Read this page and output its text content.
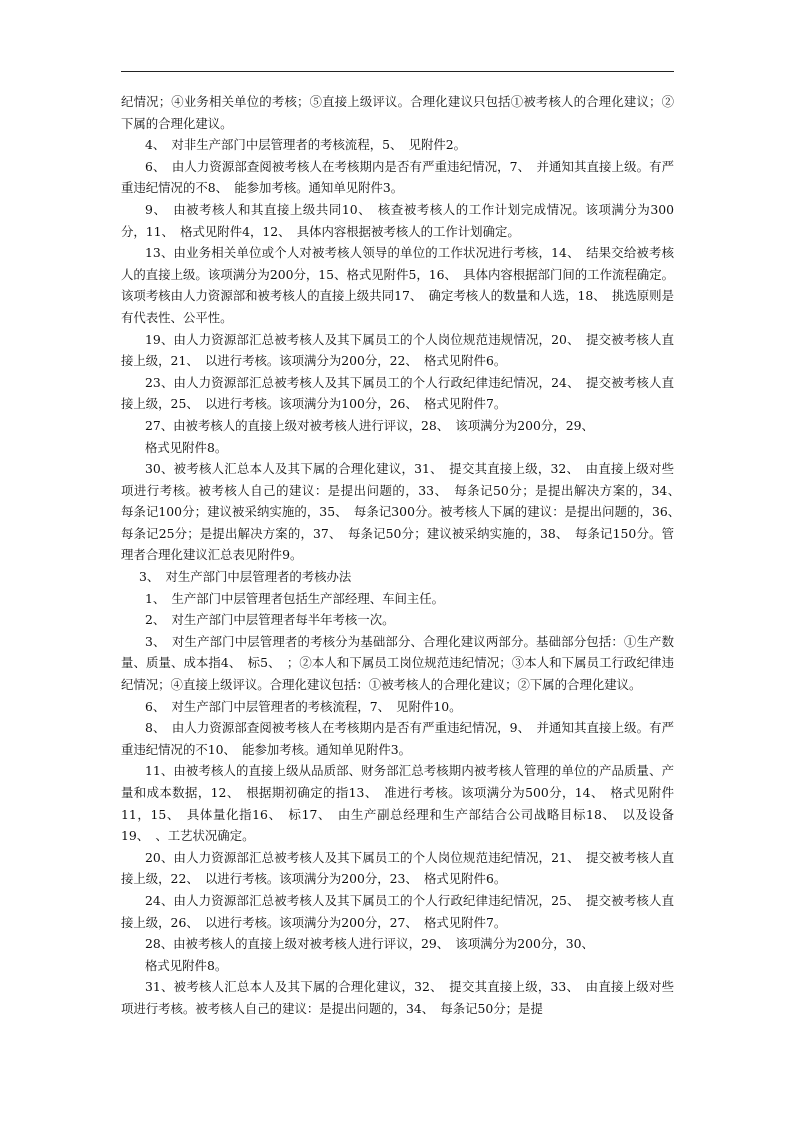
纪情况；④业务相关单位的考核；⑤直接上级评议。合理化建议只包括①被考核人的合理化建议；②下属的合理化建议。

4、　对非生产部门中层管理者的考核流程，5、　见附件2。

6、　由人力资源部查阅被考核人在考核期内是否有严重违纪情况，7、　并通知其直接上级。有严重违纪情况的不8、　能参加考核。通知单见附件3。

9、　由被考核人和其直接上级共同10、　核查被考核人的工作计划完成情况。该项满分为300分，11、　格式见附件4，12、　具体内容根据被考核人的工作计划确定。

13、由业务相关单位或个人对被考核人领导的单位的工作状况进行考核，14、　结果交给被考核人的直接上级。该项满分为200分，15、格式见附件5，16、　具体内容根据部门间的工作流程确定。该项考核由人力资源部和被考核人的直接上级共同17、　确定考核人的数量和人选，18、　挑选原则是有代表性、公平性。

19、由人力资源部汇总被考核人及其下属员工的个人岗位规范违规情况，20、　提交被考核人直接上级，21、　以进行考核。该项满分为200分，22、　格式见附件6。

23、由人力资源部汇总被考核人及其下属员工的个人行政纪律违纪情况，24、　提交被考核人直接上级，25、　以进行考核。该项满分为100分，26、　格式见附件7。

27、由被考核人的直接上级对被考核人进行评议，28、　该项满分为200分，29、

格式见附件8。

30、被考核人汇总本人及其下属的合理化建议，31、　提交其直接上级，32、　由直接上级对些项进行考核。被考核人自己的建议：是提出问题的，33、　每条记50分；是提出解决方案的，34、　每条记100分；建议被采纳实施的，35、　每条记300分。被考核人下属的建议：是提出问题的，36、　每条记25分；是提出解决方案的，37、　每条记50分；建议被采纳实施的，38、　每条记150分。管理者合理化建议汇总表见附件9。

3、　对生产部门中层管理者的考核办法

1、　生产部门中层管理者包括生产部经理、车间主任。

2、　对生产部门中层管理者每半年考核一次。

3、　对生产部门中层管理者的考核分为基础部分、合理化建议两部分。基础部分包括：①生产数量、质量、成本指4、　标5、　；②本人和下属员工岗位规范违纪情况；③本人和下属员工行政纪律违纪情况；④直接上级评议。合理化建议包括：①被考核人的合理化建议；②下属的合理化建议。

6、　对生产部门中层管理者的考核流程，7、　见附件10。

8、　由人力资源部查阅被考核人在考核期内是否有严重违纪情况，9、　并通知其直接上级。有严重违纪情况的不10、　能参加考核。通知单见附件3。

11、由被考核人的直接上级从品质部、财务部汇总考核期内被考核人管理的单位的产品质量、产量和成本数据，12、　根据期初确定的指13、　准进行考核。该项满分为500分，14、　格式见附件11，15、　具体量化指16、　标17、　由生产副总经理和生产部结合公司战略目标18、　以及设备19、　、工艺状况确定。

20、由人力资源部汇总被考核人及其下属员工的个人岗位规范违纪情况，21、　提交被考核人直接上级，22、　以进行考核。该项满分为200分，23、　格式见附件6。

24、由人力资源部汇总被考核人及其下属员工的个人行政纪律违纪情况，25、　提交被考核人直接上级，26、　以进行考核。该项满分为200分，27、　格式见附件7。

28、由被考核人的直接上级对被考核人进行评议，29、　该项满分为200分，30、

格式见附件8。

31、被考核人汇总本人及其下属的合理化建议，32、　提交其直接上级，33、　由直接上级对些项进行考核。被考核人自己的建议：是提出问题的，34、　每条记50分；是提
